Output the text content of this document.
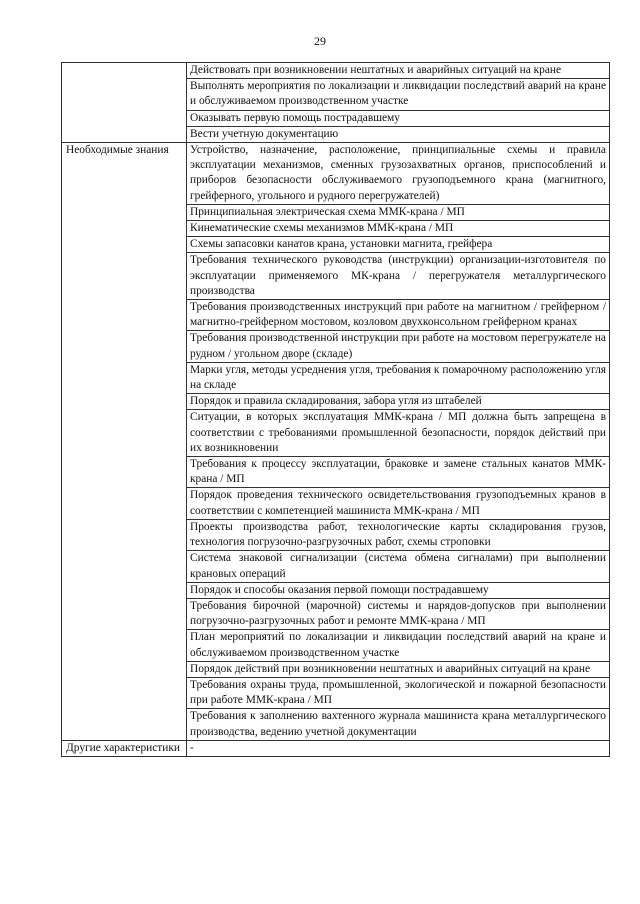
29

	Действовать при возникновении нештатных и аварийных ситуаций на кране

	Выполнять мероприятия по локализации и ликвидации последствий аварий на кране и обслуживаемом производственном участке

	Оказывать первую помощь пострадавшему

	Вести учетную документацию

Необходимые знания	Устройство, назначение, расположение, принципиальные схемы и правила эксплуатации механизмов, сменных грузозахватных органов, приспособлений и приборов безопасности обслуживаемого грузоподъемного крана (магнитного, грейферного, угольного и рудного перегружателей)

	Принципиальная электрическая схема ММК-крана / МП

	Кинематические схемы механизмов ММК-крана / МП

	Схемы запасовки канатов крана, установки магнита, грейфера

	Требования технического руководства (инструкции) организации-изготовителя по эксплуатации применяемого МК-крана / перегружателя металлургического производства

	Требования производственных инструкций при работе на магнитном / грейферном / магнитно-грейферном мостовом, козловом двухконсольном грейферном кранах

	Требования производственной инструкции при работе на мостовом перегружателе на рудном / угольном дворе (складе)

	Марки угля, методы усреднения угля, требования к помарочному расположению угля на складе

	Порядок и правила складирования, забора угля из штабелей

	Ситуации, в которых эксплуатация ММК-крана / МП должна быть запрещена в соответствии с требованиями промышленной безопасности, порядок действий при их возникновении

	Требования к процессу эксплуатации, браковке и замене стальных канатов ММК-крана / МП

	Порядок проведения технического освидетельствования грузоподъемных кранов в соответствии с компетенцией машиниста ММК-крана / МП

	Проекты производства работ, технологические карты складирования грузов, технология погрузочно-разгрузочных работ, схемы строповки

	Система знаковой сигнализации (система обмена сигналами) при выполнении крановых операций

	Порядок и способы оказания первой помощи пострадавшему

	Требования бирочной (марочной) системы и нарядов-допусков при выполнении погрузочно-разгрузочных работ и ремонте ММК-крана / МП

	План мероприятий по локализации и ликвидации последствий аварий на кране и обслуживаемом производственном участке

	Порядок действий при возникновении нештатных и аварийных ситуаций на кране

	Требования охраны труда, промышленной, экологической и пожарной безопасности при работе ММК-крана / МП

	Требования к заполнению вахтенного журнала машиниста крана металлургического производства, ведению учетной документации

Другие характеристики	-
